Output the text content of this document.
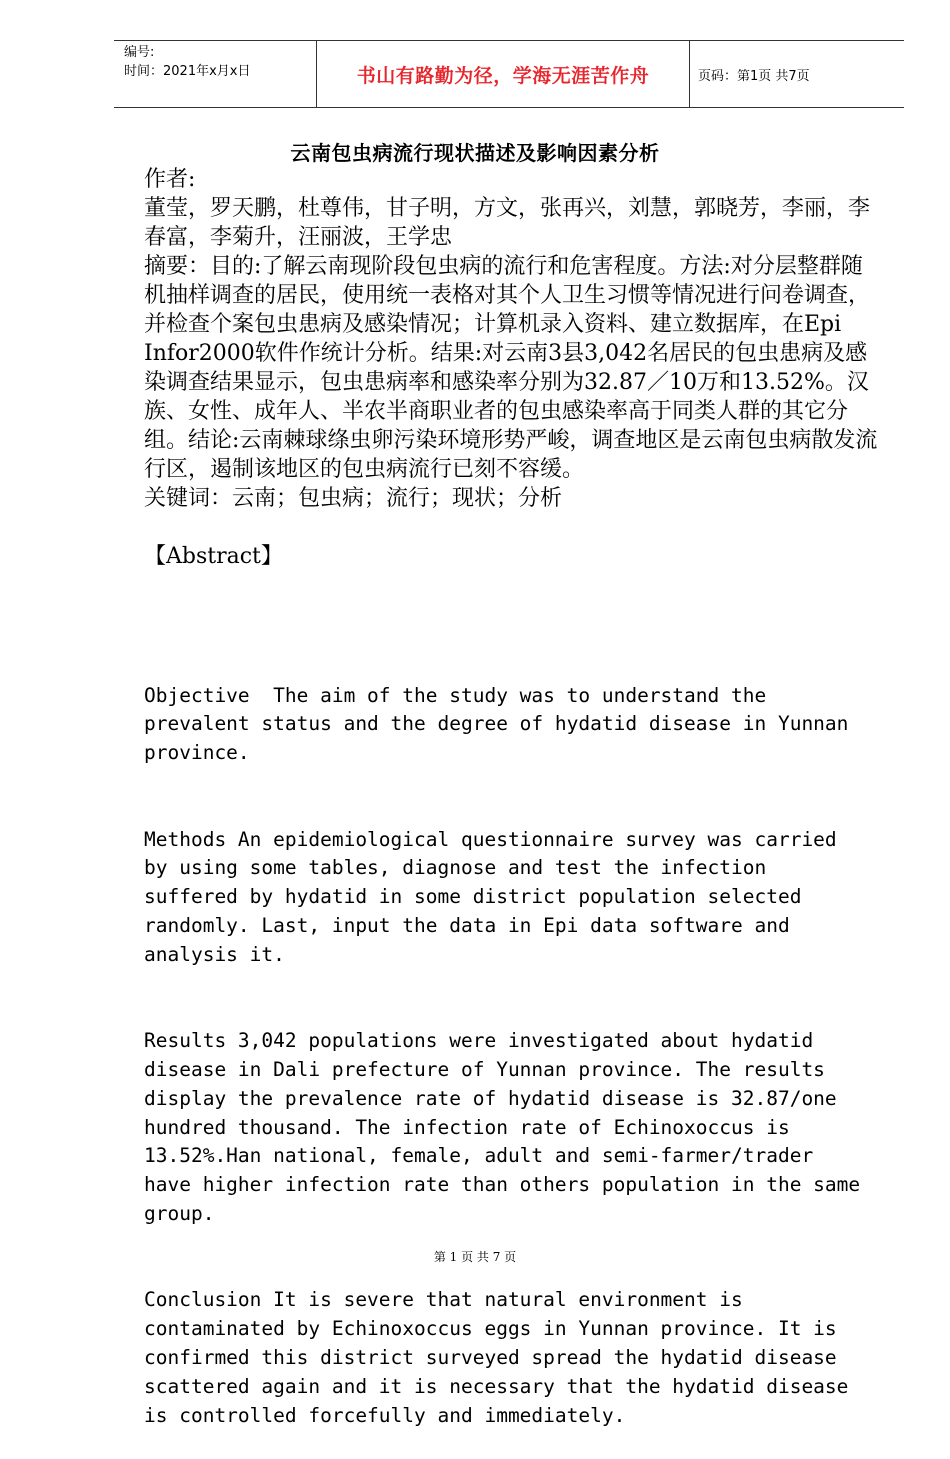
编号:
时间：2021年x月x日	书山有路勤为径，学海无涯苦作舟	页码：第1页 共7页
云南包虫病流行现状描述及影响因素分析

作者:

董莹，罗天鹏，杜尊伟，甘子明，方文，张再兴，刘慧，郭晓芳，李丽，李春富，李菊升，汪丽波，王学忠

摘要：目的:了解云南现阶段包虫病的流行和危害程度。方法:对分层整群随机抽样调查的居民，使用统一表格对其个人卫生习惯等情况进行问卷调查，并检查个案包虫患病及感染情况；计算机录入资料、建立数据库，在Epi Infor2000软件作统计分析。结果:对云南3县3,042名居民的包虫患病及感染调查结果显示，包虫患病率和感染率分别为32.87／10万和13.52%。汉族、女性、成年人、半农半商职业者的包虫感染率高于同类人群的其它分组。结论:云南棘球绦虫卵污染环境形势严峻，调查地区是云南包虫病散发流行区，遏制该地区的包虫病流行已刻不容缓。

关键词：云南；包虫病；流行；现状；分析

【Abstract】

Objective  The aim of the study was to understand the
prevalent status and the degree of hydatid disease in Yunnan
province.

Methods An epidemiological questionnaire survey was carried
by using some tables, diagnose and test the infection
suffered by hydatid in some district population selected
randomly. Last, input the data in Epi data software and
analysis it.

Results 3,042 populations were investigated about hydatid
disease in Dali prefecture of Yunnan province. The results
display the prevalence rate of hydatid disease is 32.87/one
hundred thousand. The infection rate of Echinoxoccus is
13.52%.Han national, female, adult and semi-farmer/trader
have higher infection rate than others population in the same
group.

Conclusion It is severe that natural environment is
contaminated by Echinoxoccus eggs in Yunnan province. It is
confirmed this district surveyed spread the hydatid disease
scattered again and it is necessary that the hydatid disease
is controlled forcefully and immediately.

第 1 页 共 7 页
